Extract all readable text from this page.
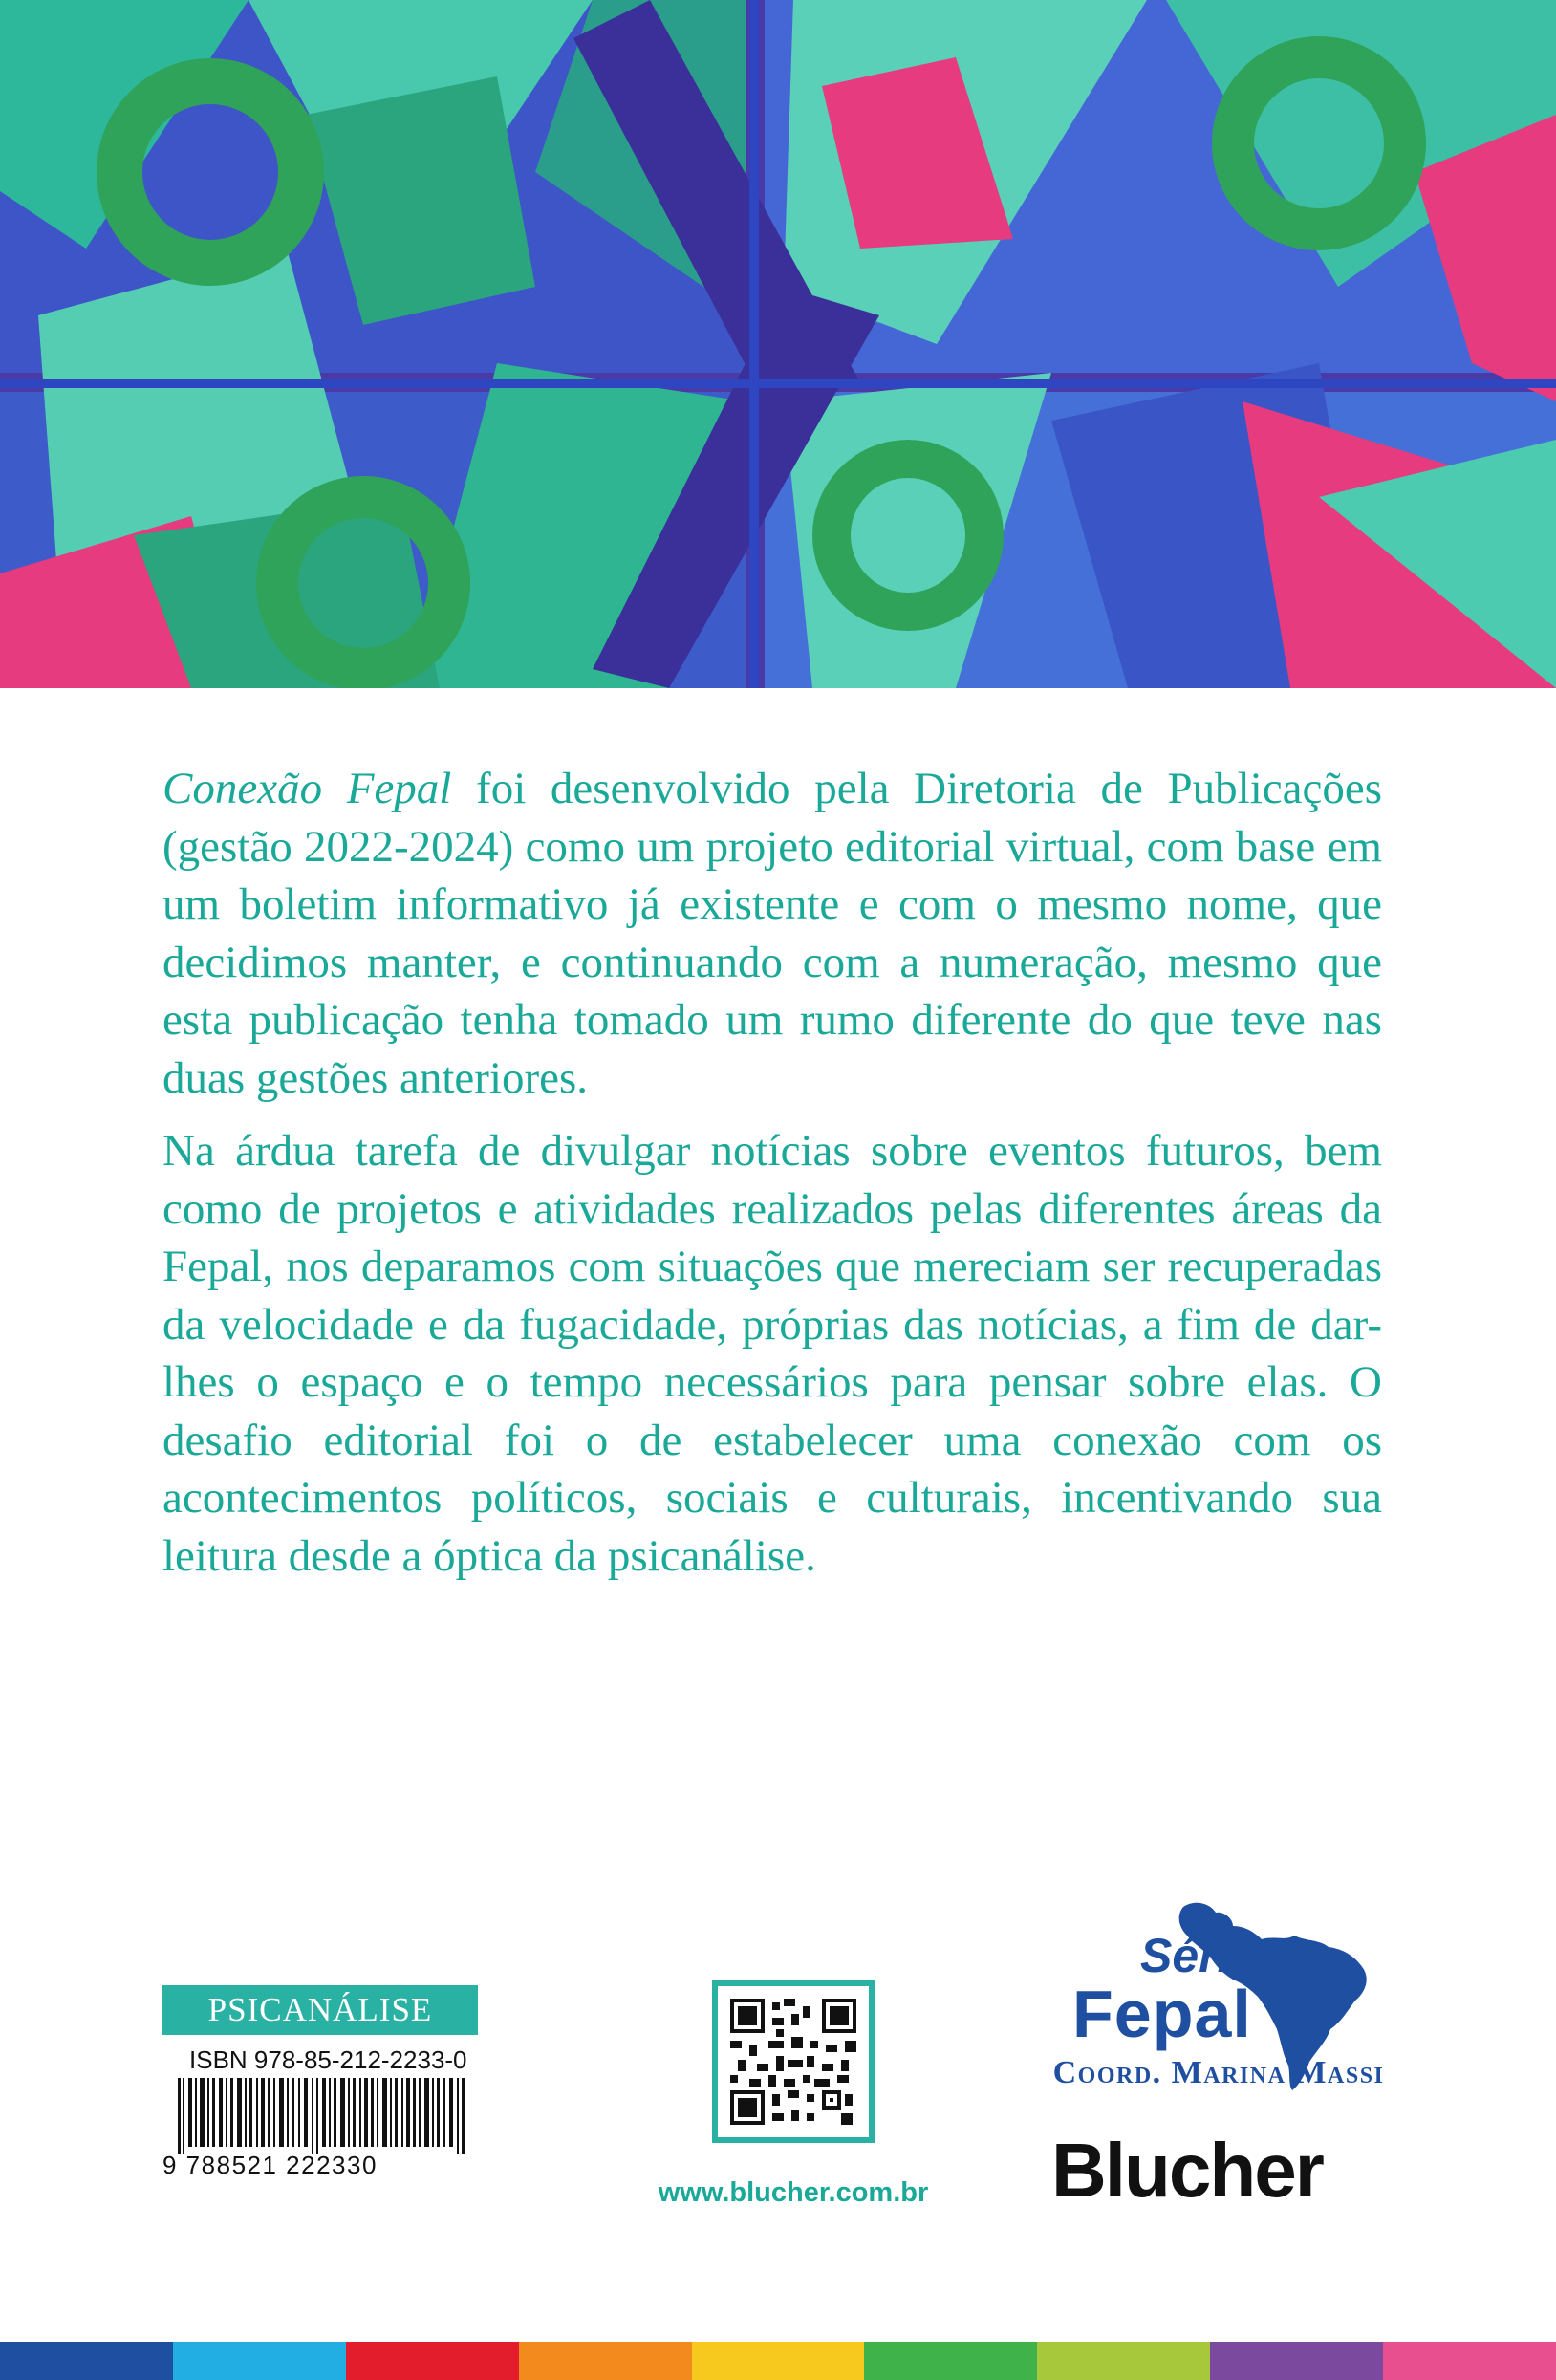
Conexão Fepal foi desenvolvido pela Diretoria de Publicações (gestão 2022-2024) como um projeto editorial virtual, com base em um boletim informativo já existente e com o mesmo nome, que decidimos manter, e continuando com a numeração, mesmo que esta publicação tenha tomado um rumo diferente do que teve nas duas gestões anteriores.

Na árdua tarefa de divulgar notícias sobre eventos futuros, bem como de projetos e atividades realizados pelas diferentes áreas da Fepal, nos deparamos com situações que mereciam ser recuperadas da velocidade e da fugacidade, próprias das notícias, a fim de dar-lhes o espaço e o tempo necessários para pensar sobre elas. O desafio editorial foi o de estabelecer uma conexão com os acontecimentos políticos, sociais e culturais, incentivando sua leitura desde a óptica da psicanálise.

PSICANÁLISE
ISBN 978-85-212-2233-0
9 788521 222330
www.blucher.com.br
Série
Fepal
Coord. Marina Massi
Blucher
